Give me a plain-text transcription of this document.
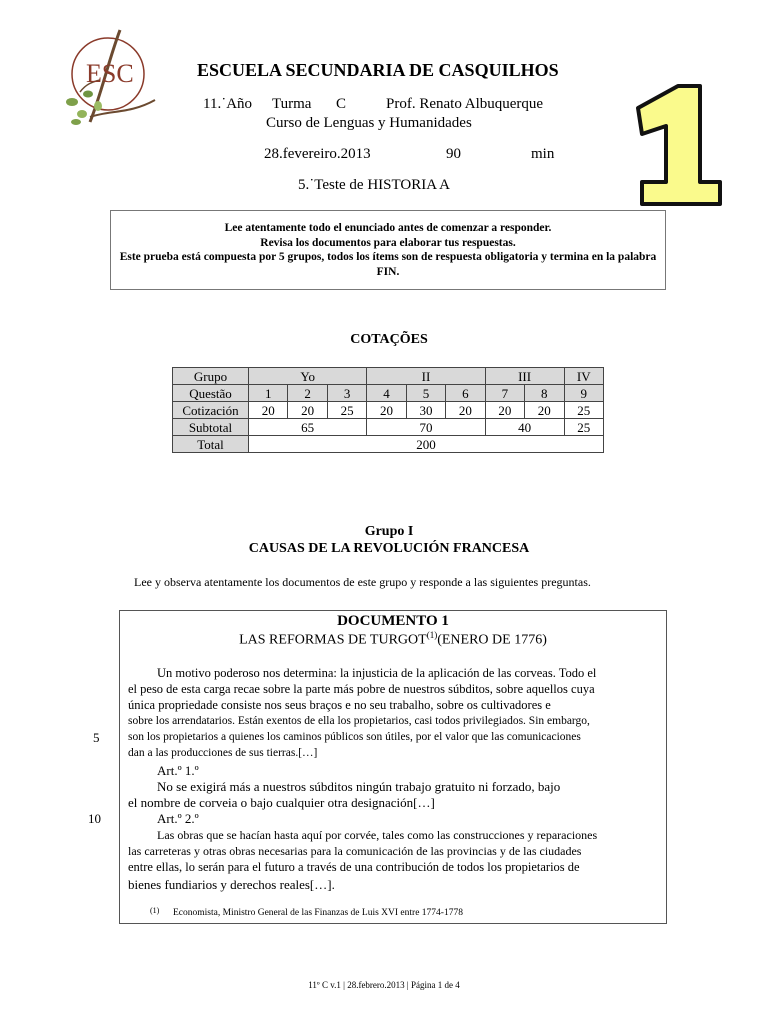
ESC	ESCUELA SECUNDARIA DE CASQUILHOS
11.˙Año Turma C	Prof. Renato Albuquerque
Curso de Lenguas y Humanidades
28.fevereiro.2013	90	min
5.˙Teste de HISTORIA A
Lee atentamente todo el enunciado antes de comenzar a responder.
Revisa los documentos para elaborar tus respuestas.
Este prueba está compuesta por 5 grupos, todos los ítems son de respuesta obligatoria y termina en la palabra
FIN.
COTAÇÕES
Grupo	Yo			II			III		IV
Questão	1	2	3	4	5	6	7	8	9
Cotización	20	20	25	20	30	20	20	20	25
Subtotal	65			70			40		25
Total	200								
Grupo I
CAUSAS DE LA REVOLUCIÓN FRANCESA
Lee y observa atentamente los documentos de este grupo y responde a las siguientes preguntas.
5
10
DOCUMENTO 1
LAS REFORMAS DE TURGOT$^{(1)}$(ENERO DE 1776)
Un motivo poderoso nos determina: la injusticia de la aplicación de las corveas. Todo el
el peso de esta carga recae sobre la parte más pobre de nuestros súbditos, sobre aquellos cuya
única propriedade consiste nos seus braços e no seu trabalho, sobre os cultivadores e
sobre los arrendatarios. Están exentos de ella los propietarios, casi todos privilegiados. Sin embargo,
son los propietarios a quienes los caminos públicos son útiles, por el valor que las comunicaciones
dan a las producciones de sus tierras.[…]
Art.º 1.º
No se exigirá más a nuestros súbditos ningún trabajo gratuito ni forzado, bajo
el nombre de corveia o bajo cualquier otra designación[…]
Art.º 2.º
Las obras que se hacían hasta aquí por corvée, tales como las construcciones y reparaciones
las carreteras y otras obras necesarias para la comunicación de las provincias y de las ciudades
entre ellas, lo serán para el futuro a través de una contribución de todos los propietarios de
bienes fundiarios y derechos reales[…].
(1) Economista, Ministro General de las Finanzas de Luis XVI entre 1774-1778
11º C v.1 | 28.febrero.2013 | Página 1 de 4
